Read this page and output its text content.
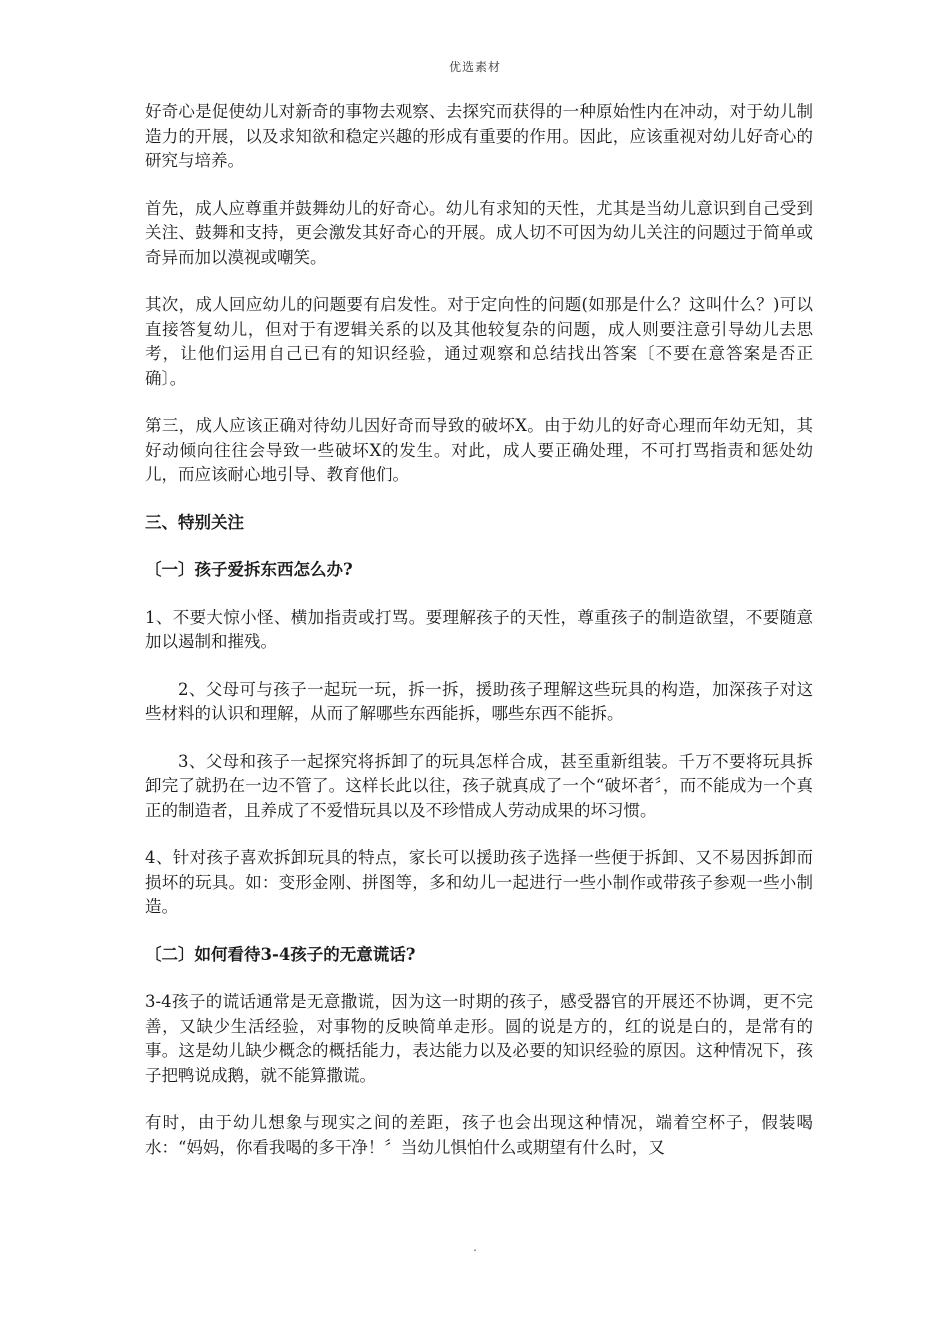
优选素材

好奇心是促使幼儿对新奇的事物去观察、去探究而获得的一种原始性内在冲动，对于幼儿制造力的开展，以及求知欲和稳定兴趣的形成有重要的作用。因此，应该重视对幼儿好奇心的研究与培养。

首先，成人应尊重并鼓舞幼儿的好奇心。幼儿有求知的天性，尤其是当幼儿意识到自己受到关注、鼓舞和支持，更会激发其好奇心的开展。成人切不可因为幼儿关注的问题过于简单或奇异而加以漠视或嘲笑。

其次，成人回应幼儿的问题要有启发性。对于定向性的问题(如那是什么？这叫什么？)可以直接答复幼儿，但对于有逻辑关系的以及其他较复杂的问题，成人则要注意引导幼儿去思考，让他们运用自己已有的知识经验，通过观察和总结找出答案〔不要在意答案是否正确〕。

第三，成人应该正确对待幼儿因好奇而导致的破坏X。由于幼儿的好奇心理而年幼无知，其好动倾向往往会导致一些破坏X的发生。对此，成人要正确处理，不可打骂指责和惩处幼儿，而应该耐心地引导、教育他们。

三、特别关注

〔一〕孩子爱拆东西怎么办?

1、不要大惊小怪、横加指责或打骂。要理解孩子的天性，尊重孩子的制造欲望，不要随意加以遏制和摧残。

2、父母可与孩子一起玩一玩，拆一拆，援助孩子理解这些玩具的构造，加深孩子对这些材料的认识和理解，从而了解哪些东西能拆，哪些东西不能拆。

3、父母和孩子一起探究将拆卸了的玩具怎样合成，甚至重新组装。千万不要将玩具拆卸完了就扔在一边不管了。这样长此以往，孩子就真成了一个“破坏者〞，而不能成为一个真正的制造者，且养成了不爱惜玩具以及不珍惜成人劳动成果的坏习惯。

4、针对孩子喜欢拆卸玩具的特点，家长可以援助孩子选择一些便于拆卸、又不易因拆卸而损坏的玩具。如：变形金刚、拼图等，多和幼儿一起进行一些小制作或带孩子参观一些小制造。

〔二〕如何看待3-4孩子的无意谎话?

3-4孩子的谎话通常是无意撒谎，因为这一时期的孩子，感受器官的开展还不协调，更不完善，又缺少生活经验，对事物的反映简单走形。圆的说是方的，红的说是白的，是常有的事。这是幼儿缺少概念的概括能力，表达能力以及必要的知识经验的原因。这种情况下，孩子把鸭说成鹅，就不能算撒谎。

有时，由于幼儿想象与现实之间的差距，孩子也会出现这种情况，端着空杯子，假装喝水：“妈妈，你看我喝的多干净！〞当幼儿惧怕什么或期望有什么时，又

.
